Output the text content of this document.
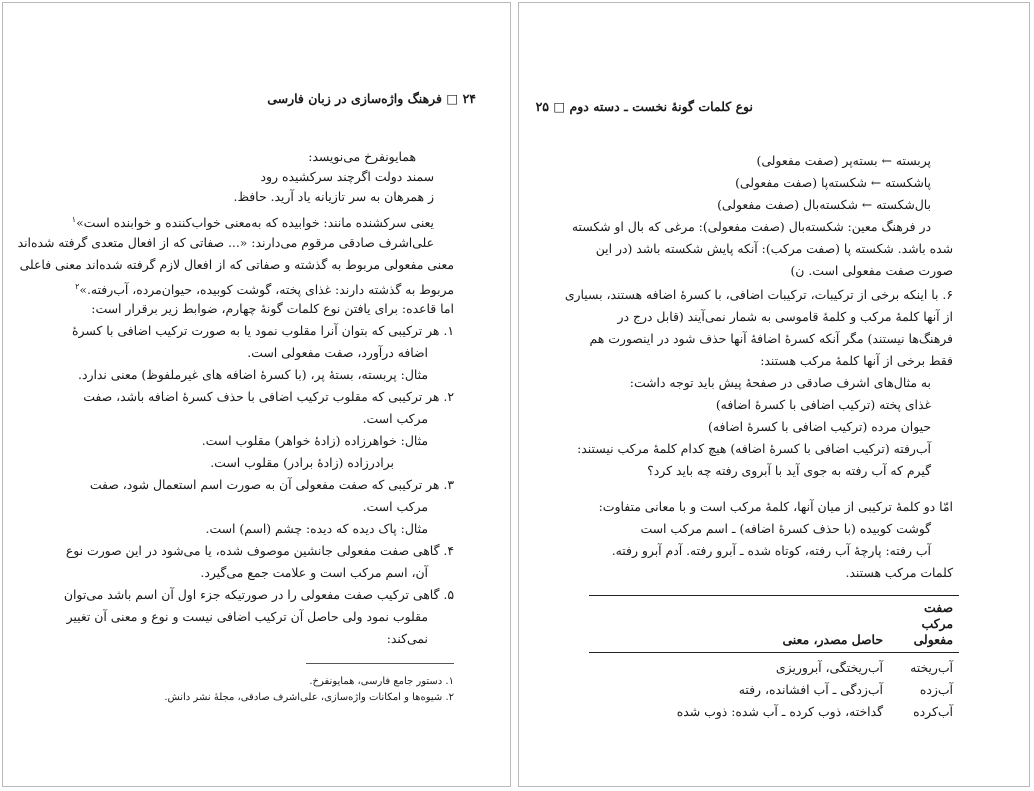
۲۴ □ فرهنگ واژه‌سازی در زبان فارسی
همایونفرخ می‌نویسد:
سمند دولت اگرچند سرکشیده رود
ز همرهان به سر تازیانه یاد آرید. حافظ.
یعنی سرکشنده مانند: خوابیده که به‌معنی خواب‌کننده و خوابنده است»$^۱$
علی‌اشرف صادقی مرقوم می‌دارند: «... صفاتی که از افعال متعدی گرفته شده‌اند
معنی مفعولی مربوط به گذشته و صفاتی که از افعال لازم گرفته شده‌اند معنی فاعلی
مربوط به گذشته دارند: غذای پخته، گوشت کوبیده، حیوان‌مرده، آب‌رفته.»$^۲$
اما قاعده: برای یافتن نوع کلمات گونهٔ چهارم، ضوابط زیر برقرار است:
۱. هر ترکیبی که بتوان آنرا مقلوب نمود یا به صورت ترکیب اضافی با کسرهٔ
اضافه درآورد، صفت مفعولی است.
مثال: پربسته، بستهٔ پر، (با کسرهٔ اضافه های غیرملفوظ) معنی ندارد.
۲. هر ترکیبی که مقلوب ترکیب اضافی با حذف کسرهٔ اضافه باشد، صفت
مرکب است.
مثال: خواهرزاده (زادهٔ خواهر) مقلوب است.
برادرزاده (زادهٔ برادر) مقلوب است.
۳. هر ترکیبی که صفت مفعولی آن به صورت اسم استعمال شود، صفت
مرکب است.
مثال: پاک دیده که دیده: چشم (اسم) است.
۴. گاهی صفت مفعولی جانشین موصوف شده، یا می‌شود در این صورت نوع
آن، اسم مرکب است و علامت جمع می‌گیرد.
۵. گاهی ترکیب صفت مفعولی را در صورتیکه جزء اول آن اسم باشد می‌توان
مقلوب نمود ولی حاصل آن ترکیب اضافی نیست و نوع و معنی آن تغییر
نمی‌کند:
۱. دستور جامع فارسی، همایونفرخ.
۲. شیوه‌ها و امکانات واژه‌سازی، علی‌اشرف صادقی، مجلهٔ نشر دانش.
نوع کلمات گونهٔ نخست ـ دسته دوم □ ۲۵
پربسته ← بسته‌پر (صفت مفعولی)
پاشکسته ← شکسته‌پا (صفت مفعولی)
بال‌شکسته ← شکسته‌بال (صفت مفعولی)
در فرهنگ معین: شکسته‌بال (صفت مفعولی): مرغی که بال او شکسته
شده باشد. شکسته پا (صفت مرکب): آنکه پایش شکسته باشد (در این
صورت صفت مفعولی است. ن)
۶. با اینکه برخی از ترکیبات، ترکیبات اضافی، با کسرهٔ اضافه هستند، بسیاری
از آنها کلمهٔ مرکب و کلمهٔ قاموسی به شمار نمی‌آیند (قابل درج در
فرهنگ‌ها نیستند) مگر آنکه کسرهٔ اضافهٔ آنها حذف شود در اینصورت هم
فقط برخی از آنها کلمهٔ مرکب هستند:
به مثال‌های اشرف صادقی در صفحهٔ پیش باید توجه داشت:
غذای پخته (ترکیب اضافی با کسرهٔ اضافه)
حیوان مرده (ترکیب اضافی با کسرهٔ اضافه)
آب‌رفته (ترکیب اضافی با کسرهٔ اضافه) هیچ کدام کلمهٔ مرکب نیستند:
گیرم که آب رفته به جوی آید با آبروی رفته چه باید کرد؟
امّا دو کلمهٔ ترکیبی از میان آنها، کلمهٔ مرکب است و با معانی متفاوت:
گوشت کوبیده (با حذف کسرهٔ اضافه) ـ اسم مرکب است
آب رفته: پارچهٔ آب رفته، کوتاه شده ـ آبرو رفته. آدم آبرو رفته.
کلمات مرکب هستند.
صفت مرکب مفعولی	حاصل مصدر، معنی
آب‌ریخته	آب‌ریختگی، آبروریزی
آب‌زده	آب‌زدگی ـ آب افشانده، رفته
آب‌کرده	گداخته، ذوب کرده ـ آب شده: ذوب شده
